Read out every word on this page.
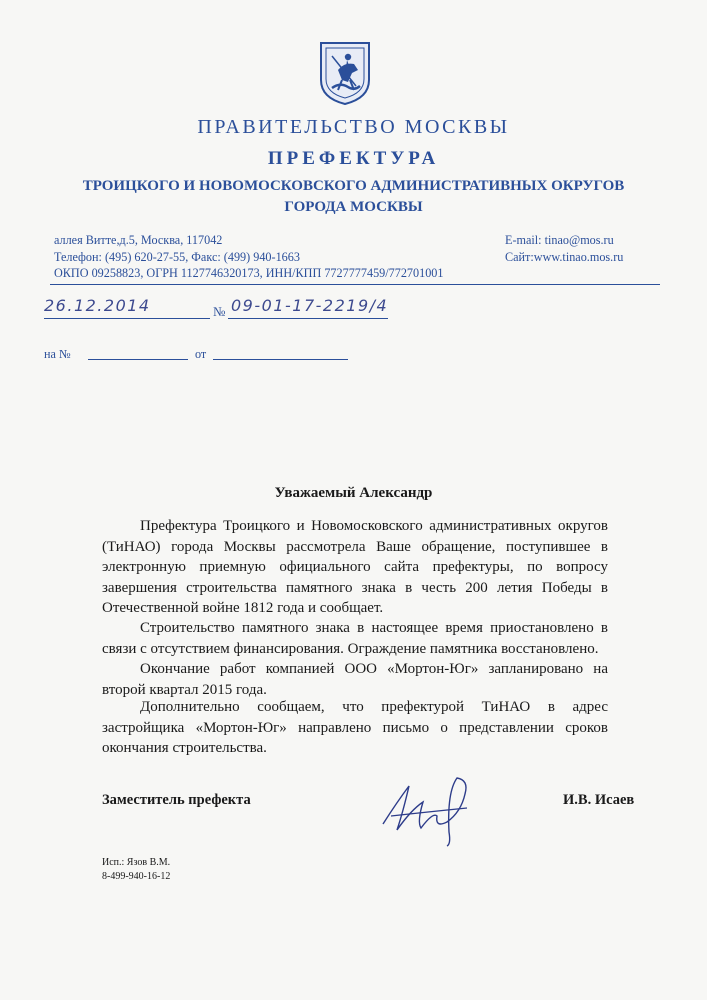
ПРАВИТЕЛЬСТВО МОСКВЫ
ПРЕФЕКТУРА
ТРОИЦКОГО И НОВОМОСКОВСКОГО АДМИНИСТРАТИВНЫХ ОКРУГОВ
ГОРОДА МОСКВЫ
аллея Витте,д.5, Москва, 117042
Телефон: (495) 620-27-55, Факс: (499) 940-1663
ОКПО 09258823, ОГРН 1127746320173, ИНН/КПП 7727777459/772701001
E-mail: tinao@mos.ru
Сайт:www.tinao.mos.ru
26.12.2014	№ 09-01-17-2219/4
на №	от
Уважаемый Александр
Префектура Троицкого и Новомосковского административных округов (ТиНАО) города Москвы рассмотрела Ваше обращение, поступившее в электронную приемную официального сайта префектуры, по вопросу завершения строительства памятного знака в честь 200 летия Победы в Отечественной войне 1812 года и сообщает.
Строительство памятного знака в настоящее время приостановлено в связи с отсутствием финансирования. Ограждение памятника восстановлено.
Окончание работ компанией ООО «Мортон-Юг» запланировано на второй квартал 2015 года.
Дополнительно сообщаем, что префектурой ТиНАО в адрес застройщика «Мортон-Юг» направлено письмо о представлении сроков окончания строительства.
Заместитель префекта	И.В. Исаев
Исп.: Язов В.М.
8-499-940-16-12
